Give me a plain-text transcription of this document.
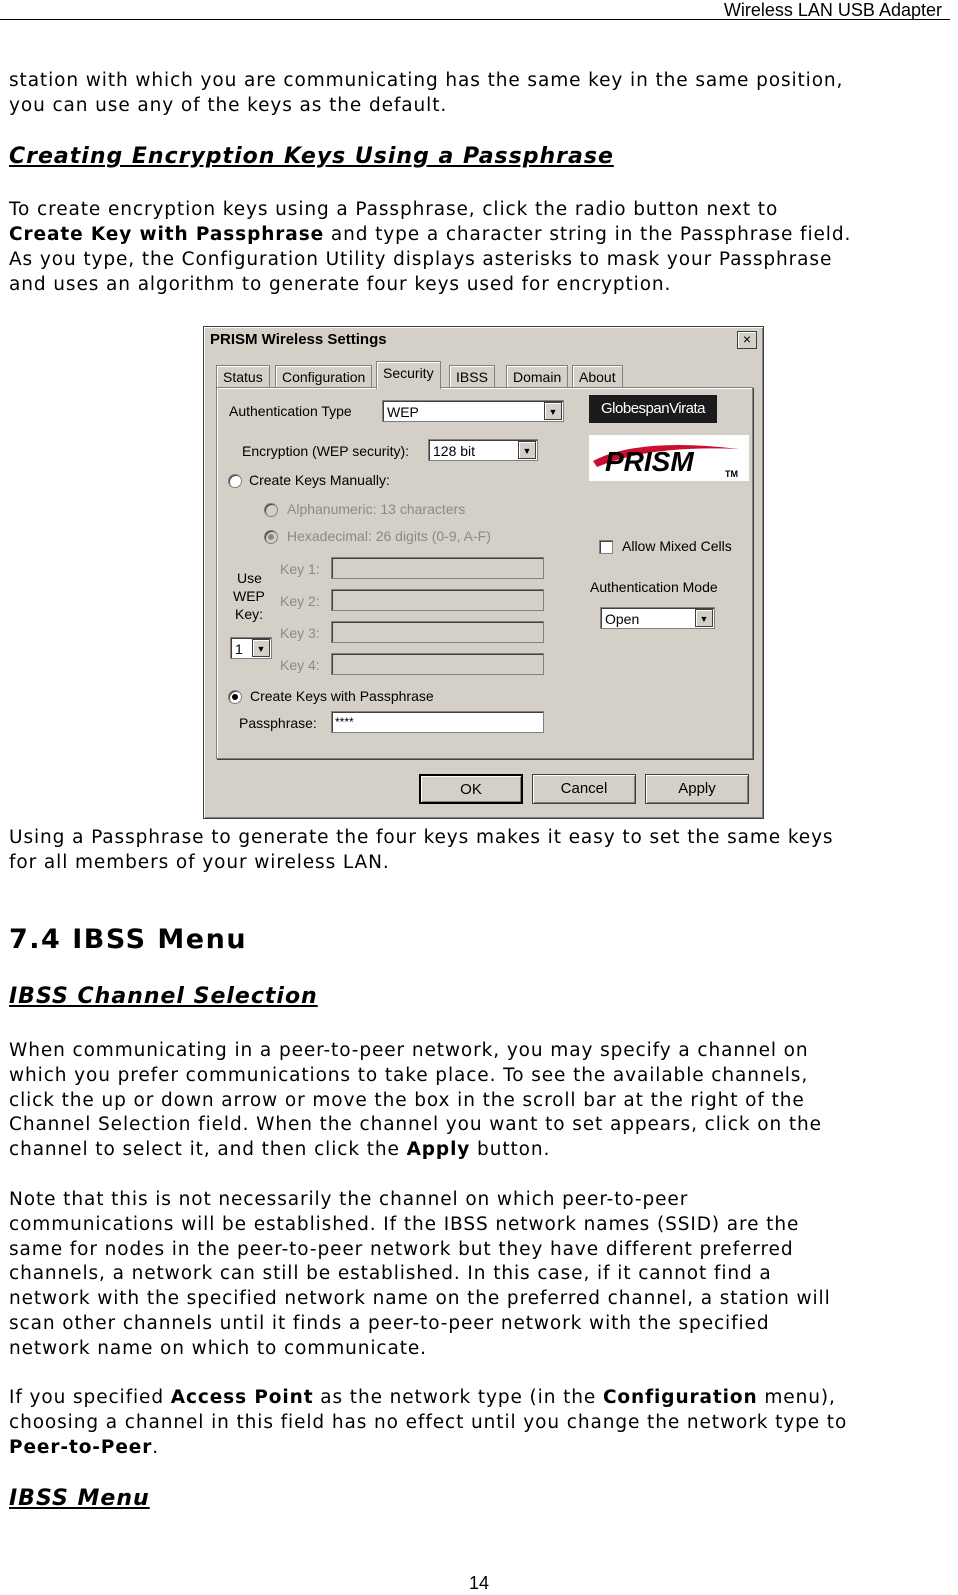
Wireless LAN USB Adapter
station with which you are communicating has the same key in the same position,
you can use any of the keys as the default.
Creating Encryption Keys Using a Passphrase
To create encryption keys using a Passphrase, click the radio button next to
Create Key with Passphrase and type a character string in the Passphrase field.
As you type, the Configuration Utility displays asterisks to mask your Passphrase
and uses an algorithm to generate four keys used for encryption.
PRISM Wireless Settings	×
Status	Configuration	Security	IBSS	Domain	About
Authentication Type	WEP	▼
Encryption (WEP security):	128 bit	▼
Create Keys Manually:
Alphanumeric: 13 characters
Hexadecimal: 26 digits (0-9, A-F)
Use
WEP
Key:
1	▼
Key 1:
Key 2:
Key 3:
Key 4:
Create Keys with Passphrase
Passphrase:	****
GlobespanVirata
PRISM	TM
Allow Mixed Cells
Authentication Mode
Open	▼
OK	Cancel	Apply
Using a Passphrase to generate the four keys makes it easy to set the same keys
for all members of your wireless LAN.
7.4 IBSS Menu
IBSS Channel Selection
When communicating in a peer-to-peer network, you may specify a channel on
which you prefer communications to take place. To see the available channels,
click the up or down arrow or move the box in the scroll bar at the right of the
Channel Selection field. When the channel you want to set appears, click on the
channel to select it, and then click the Apply button.
Note that this is not necessarily the channel on which peer-to-peer
communications will be established. If the IBSS network names (SSID) are the
same for nodes in the peer-to-peer network but they have different preferred
channels, a network can still be established. In this case, if it cannot find a
network with the specified network name on the preferred channel, a station will
scan other channels until it finds a peer-to-peer network with the specified
network name on which to communicate.
If you specified Access Point as the network type (in the Configuration menu),
choosing a channel in this field has no effect until you change the network type to
Peer-to-Peer.
IBSS Menu
14
